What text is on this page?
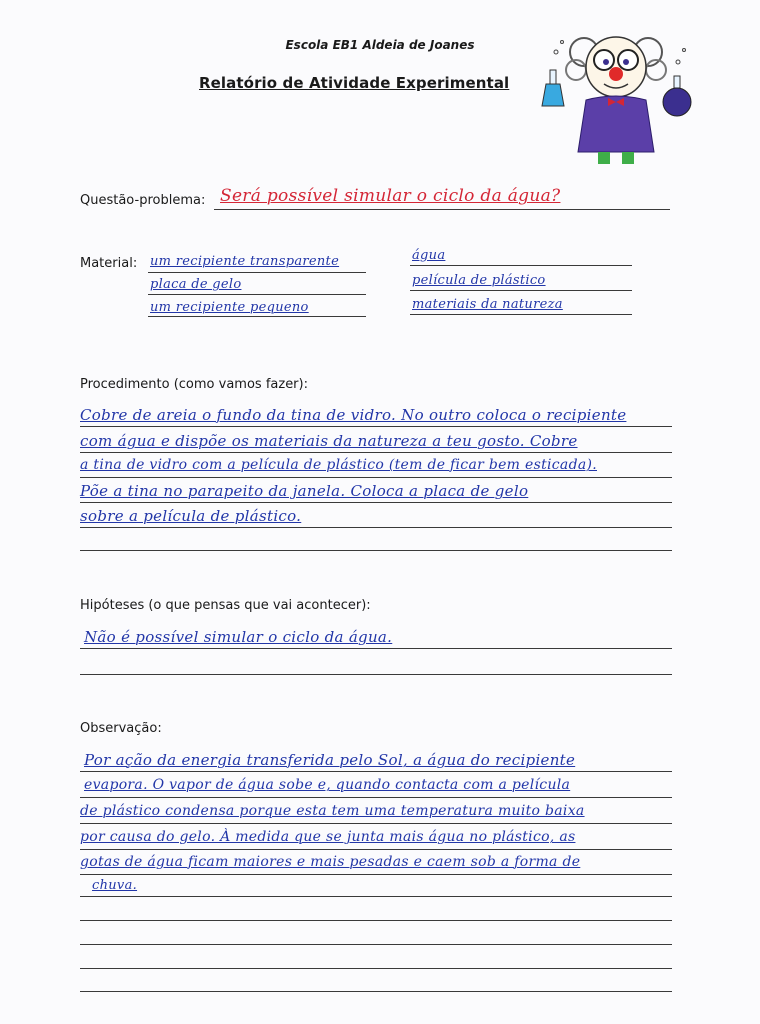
Escola EB1 Aldeia de Joanes
Relatório de Atividade Experimental
Questão-problema: Será possível simular o ciclo da água?
Material: um recipiente transparente
placa de gelo
um recipiente pequeno
água
película de plástico
materiais da natureza
Procedimento (como vamos fazer):
Cobre de areia o fundo da tina de vidro. No outro coloca o recipiente
com água e dispõe os materiais da natureza a teu gosto. Cobre
a tina de vidro com a película de plástico (tem de ficar bem esticada).
Põe a tina no parapeito da janela. Coloca a placa de gelo
sobre a película de plástico.
Hipóteses (o que pensas que vai acontecer):
Não é possível simular o ciclo da água.
Observação:
Por ação da energia transferida pelo Sol, a água do recipiente
evapora. O vapor de água sobe e, quando contacta com a película
de plástico condensa porque esta tem uma temperatura muito baixa
por causa do gelo. À medida que se junta mais água no plástico, as
gotas de água ficam maiores e mais pesadas e caem sob a forma de
chuva.
